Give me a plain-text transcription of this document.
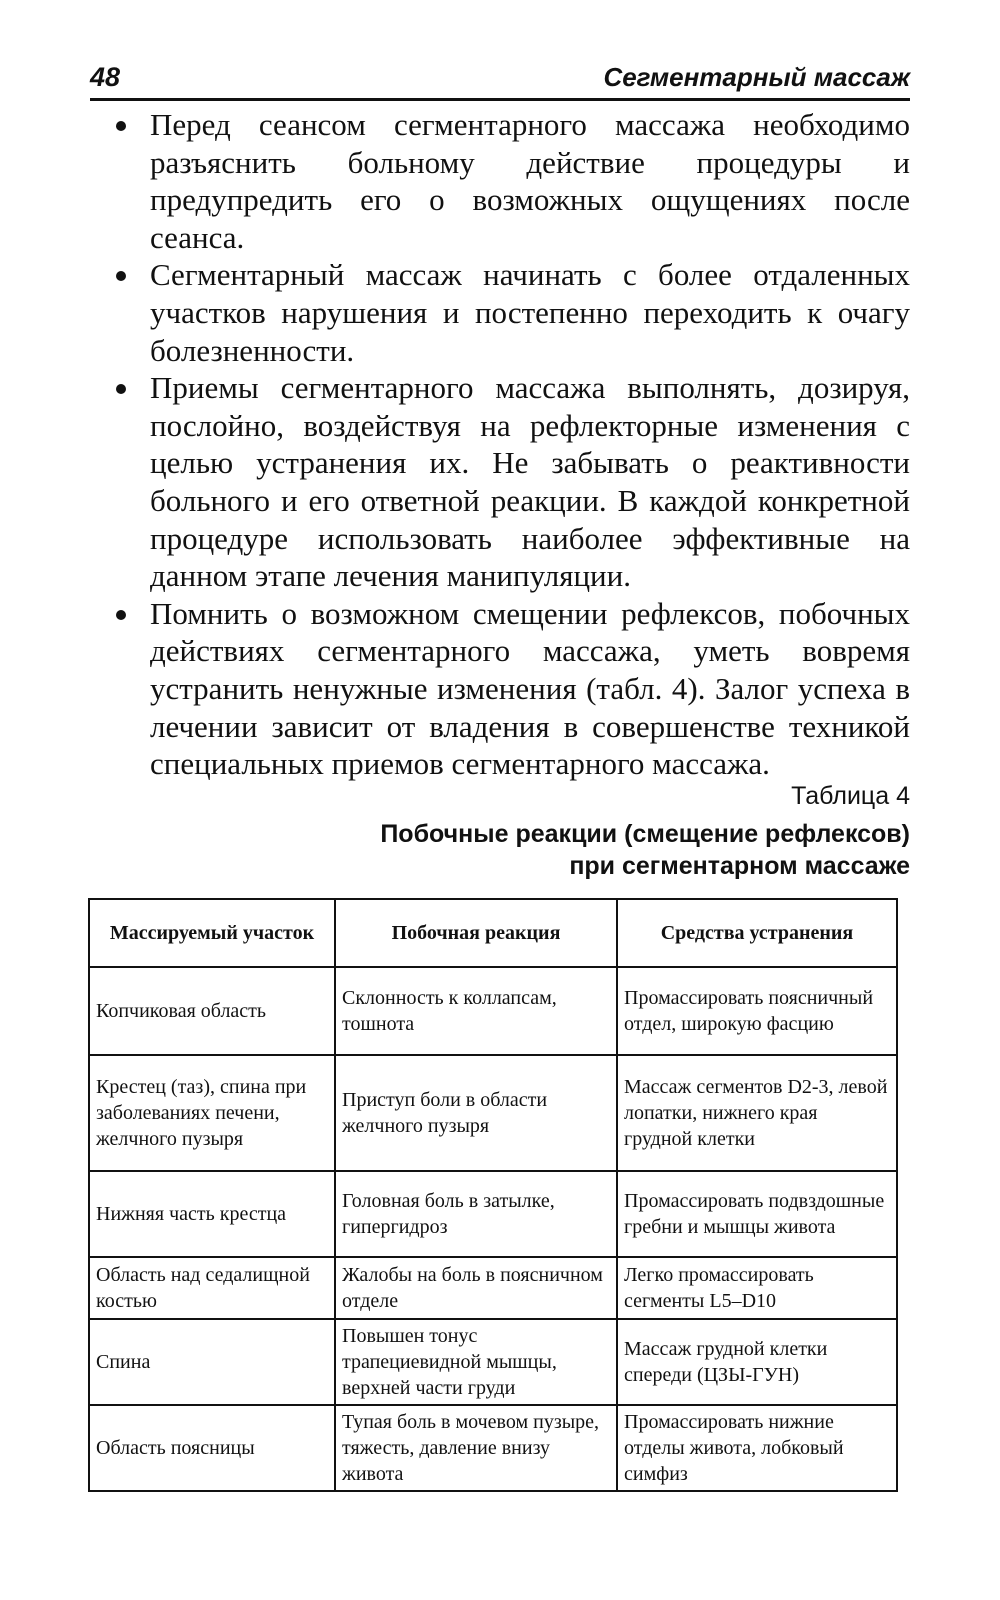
48	Сегментарный массаж
Перед сеансом сегментарного массажа необходимо разъяснить больному действие процедуры и предупредить его о возможных ощущениях после сеанса.
Сегментарный массаж начинать с более отдаленных участков нарушения и постепенно переходить к очагу болезненности.
Приемы сегментарного массажа выполнять, дозируя, послойно, воздействуя на рефлекторные изменения с целью устранения их. Не забывать о реактивности больного и его ответной реакции. В каждой конкретной процедуре использовать наиболее эффективные на данном этапе лечения манипуляции.
Помнить о возможном смещении рефлексов, побочных действиях сегментарного массажа, уметь вовремя устранить ненужные изменения (табл. 4). Залог успеха в лечении зависит от владения в совершенстве техникой специальных приемов сегментарного массажа.
Таблица 4
Побочные реакции (смещение рефлексов)
при сегментарном массаже
Массируемый участок	Побочная реакция	Средства устранения
Копчиковая область	Склонность к коллапсам, тошнота	Промассировать поясничный отдел, широкую фасцию
Крестец (таз), спина при заболеваниях печени, желчного пузыря	Приступ боли в области желчного пузыря	Массаж сегментов D2-3, левой лопатки, нижнего края грудной клетки
Нижняя часть крестца	Головная боль в затылке, гипергидроз	Промассировать подвздошные гребни и мышцы живота
Область над седалищной костью	Жалобы на боль в поясничном отделе	Легко промассировать сегменты L5–D10
Спина	Повышен тонус трапециевидной мышцы, верхней части груди	Массаж грудной клетки спереди (ЦЗЫ-ГУН)
Область поясницы	Тупая боль в мочевом пузыре, тяжесть, давление внизу живота	Промассировать нижние отделы живота, лобковый симфиз
